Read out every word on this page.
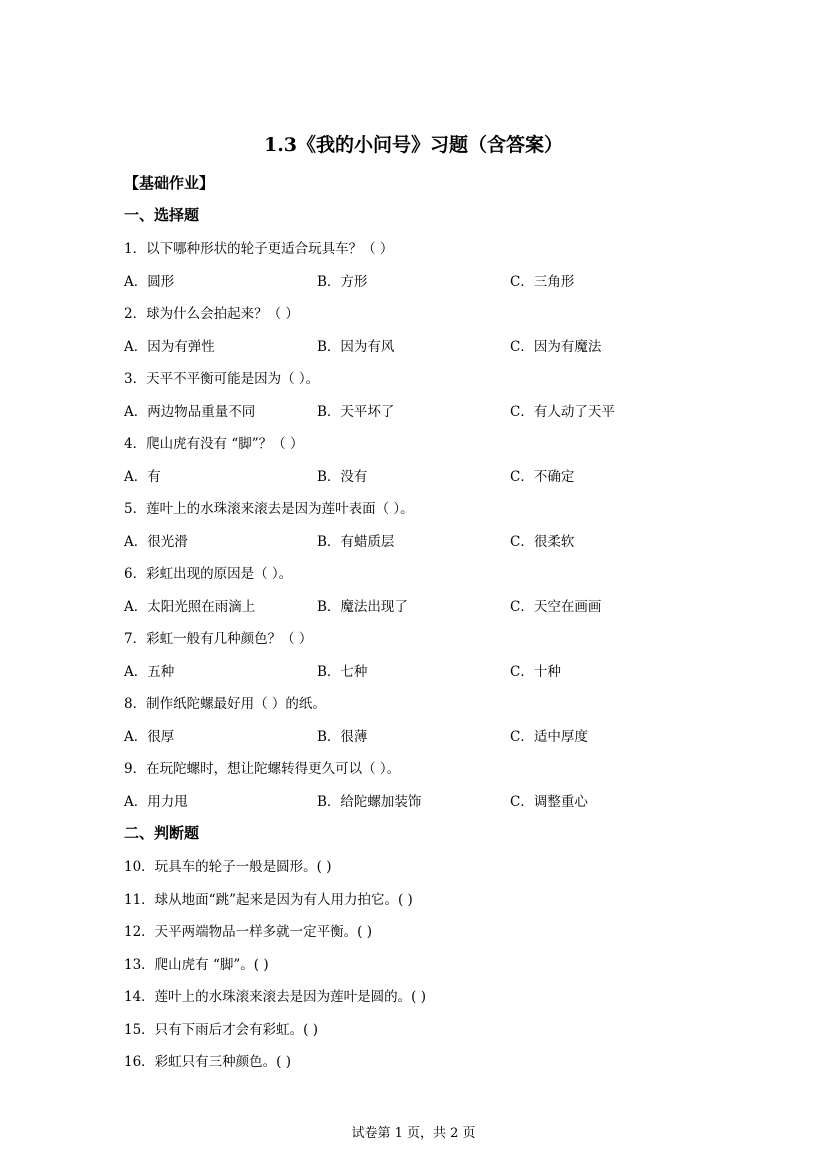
1.3《我的小问号》习题（含答案）
【基础作业】
一、选择题
1．以下哪种形状的轮子更适合玩具车？（ ）
A．圆形	B．方形	C．三角形
2．球为什么会拍起来？（ ）
A．因为有弹性	B．因为有风	C．因为有魔法
3．天平不平衡可能是因为（ ）。
A．两边物品重量不同	B．天平坏了	C．有人动了天平
4．爬山虎有没有 “脚”？（ ）
A．有	B．没有	C．不确定
5．莲叶上的水珠滚来滚去是因为莲叶表面（ ）。
A．很光滑	B．有蜡质层	C．很柔软
6．彩虹出现的原因是（ ）。
A．太阳光照在雨滴上	B．魔法出现了	C．天空在画画
7．彩虹一般有几种颜色？（ ）
A．五种	B．七种	C．十种
8．制作纸陀螺最好用（ ）的纸。
A．很厚	B．很薄	C．适中厚度
9．在玩陀螺时，想让陀螺转得更久可以（ ）。
A．用力甩	B．给陀螺加装饰	C．调整重心
二、判断题
10．玩具车的轮子一般是圆形。( )
11．球从地面“跳”起来是因为有人用力拍它。( )
12．天平两端物品一样多就一定平衡。( )
13．爬山虎有 “脚”。( )
14．莲叶上的水珠滚来滚去是因为莲叶是圆的。( )
15．只有下雨后才会有彩虹。( )
16．彩虹只有三种颜色。( )
试卷第 1 页，共 2 页
